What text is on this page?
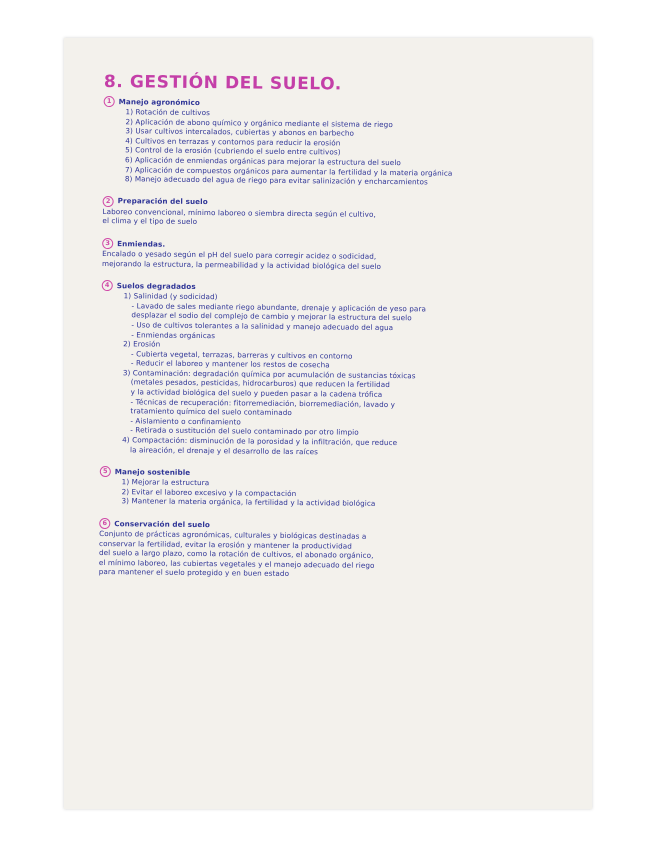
8. GESTIÓN DEL SUELO.
1 Manejo agronómico
1) Rotación de cultivos
2) Aplicación de abono químico y orgánico mediante el sistema de riego
3) Usar cultivos intercalados, cubiertas y abonos en barbecho
4) Cultivos en terrazas y contornos para reducir la erosión
5) Control de la erosión (cubriendo el suelo entre cultivos)
6) Aplicación de enmiendas orgánicas para mejorar la estructura del suelo
7) Aplicación de compuestos orgánicos para aumentar la fertilidad y la materia orgánica
8) Manejo adecuado del agua de riego para evitar salinización y encharcamientos
2 Preparación del suelo
Laboreo convencional, mínimo laboreo o siembra directa según el cultivo,
el clima y el tipo de suelo
3 Enmiendas.
Encalado o yesado según el pH del suelo para corregir acidez o sodicidad,
mejorando la estructura, la permeabilidad y la actividad biológica del suelo
4 Suelos degradados
1) Salinidad (y sodicidad)
- Lavado de sales mediante riego abundante, drenaje y aplicación de yeso para
desplazar el sodio del complejo de cambio y mejorar la estructura del suelo
- Uso de cultivos tolerantes a la salinidad y manejo adecuado del agua
- Enmiendas orgánicas
2) Erosión
- Cubierta vegetal, terrazas, barreras y cultivos en contorno
- Reducir el laboreo y mantener los restos de cosecha
3) Contaminación: degradación química por acumulación de sustancias tóxicas
(metales pesados, pesticidas, hidrocarburos) que reducen la fertilidad
y la actividad biológica del suelo y pueden pasar a la cadena trófica
- Técnicas de recuperación: fitorremediación, biorremediación, lavado y
tratamiento químico del suelo contaminado
- Aislamiento o confinamiento
- Retirada o sustitución del suelo contaminado por otro limpio
4) Compactación: disminución de la porosidad y la infiltración, que reduce
la aireación, el drenaje y el desarrollo de las raíces
5 Manejo sostenible
1) Mejorar la estructura
2) Evitar el laboreo excesivo y la compactación
3) Mantener la materia orgánica, la fertilidad y la actividad biológica
6 Conservación del suelo
Conjunto de prácticas agronómicas, culturales y biológicas destinadas a
conservar la fertilidad, evitar la erosión y mantener la productividad
del suelo a largo plazo, como la rotación de cultivos, el abonado orgánico,
el mínimo laboreo, las cubiertas vegetales y el manejo adecuado del riego
para mantener el suelo protegido y en buen estado
